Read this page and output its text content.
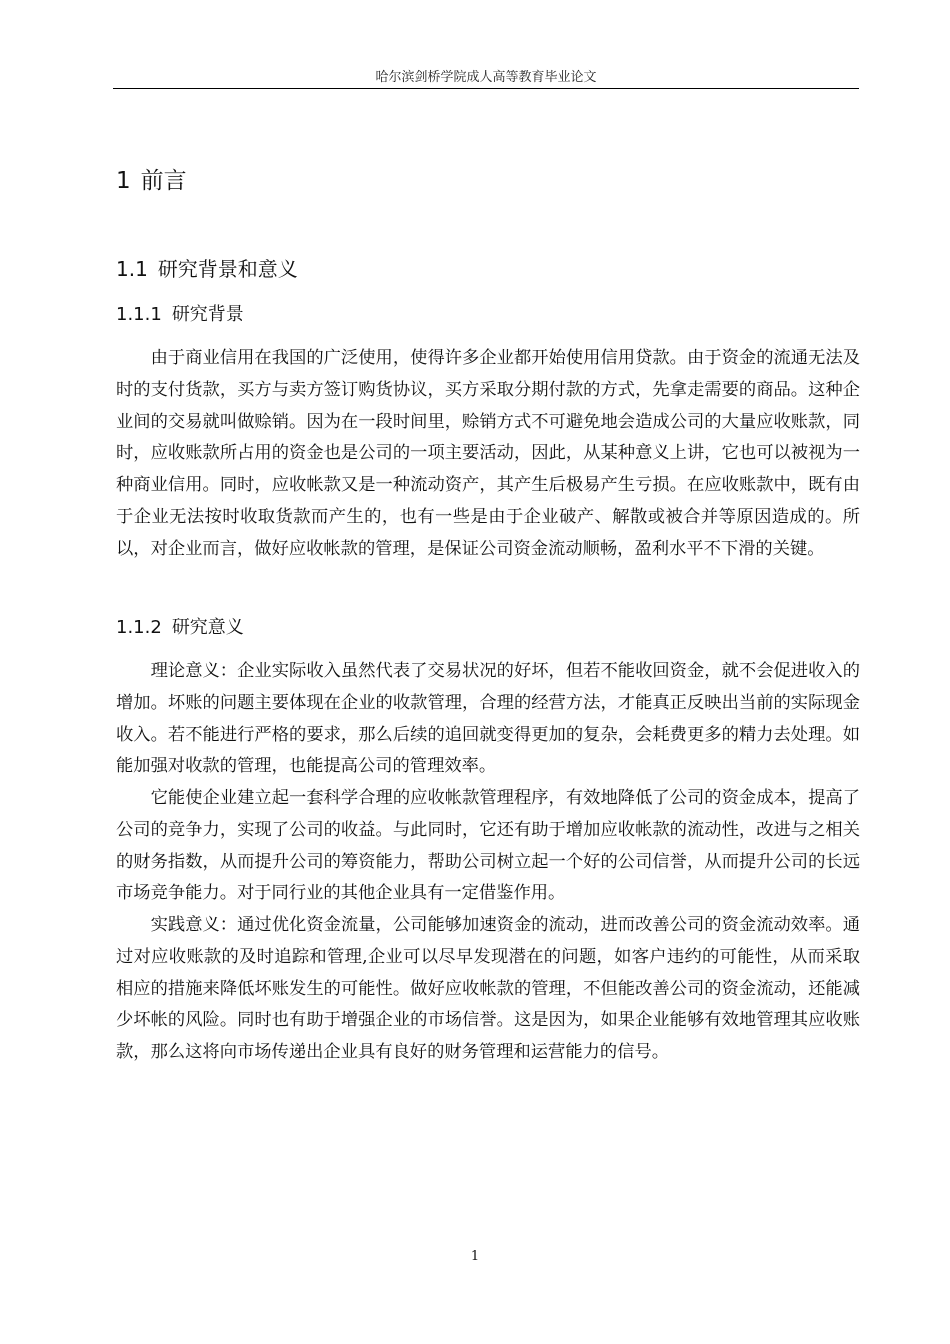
哈尔滨剑桥学院成人高等教育毕业论文
1 前言
1.1 研究背景和意义
1.1.1 研究背景

由于商业信用在我国的广泛使用，使得许多企业都开始使用信用贷款。由于资金的流通无法及时的支付货款，买方与卖方签订购货协议，买方采取分期付款的方式，先拿走需要的商品。这种企业间的交易就叫做赊销。因为在一段时间里，赊销方式不可避免地会造成公司的大量应收账款，同时，应收账款所占用的资金也是公司的一项主要活动，因此，从某种意义上讲，它也可以被视为一种商业信用。同时，应收帐款又是一种流动资产，其产生后极易产生亏损。在应收账款中，既有由于企业无法按时收取货款而产生的，也有一些是由于企业破产、解散或被合并等原因造成的。所以，对企业而言，做好应收帐款的管理，是保证公司资金流动顺畅，盈利水平不下滑的关键。

1.1.2 研究意义

理论意义：企业实际收入虽然代表了交易状况的好坏，但若不能收回资金，就不会促进收入的增加。坏账的问题主要体现在企业的收款管理，合理的经营方法，才能真正反映出当前的实际现金收入。若不能进行严格的要求，那么后续的追回就变得更加的复杂，会耗费更多的精力去处理。如能加强对收款的管理，也能提高公司的管理效率。

它能使企业建立起一套科学合理的应收帐款管理程序，有效地降低了公司的资金成本，提高了公司的竞争力，实现了公司的收益。与此同时，它还有助于增加应收帐款的流动性，改进与之相关的财务指数，从而提升公司的筹资能力，帮助公司树立起一个好的公司信誉，从而提升公司的长远市场竞争能力。对于同行业的其他企业具有一定借鉴作用。

实践意义：通过优化资金流量，公司能够加速资金的流动，进而改善公司的资金流动效率。通过对应收账款的及时追踪和管理,企业可以尽早发现潜在的问题，如客户违约的可能性，从而采取相应的措施来降低坏账发生的可能性。做好应收帐款的管理，不但能改善公司的资金流动，还能减少坏帐的风险。同时也有助于增强企业的市场信誉。这是因为，如果企业能够有效地管理其应收账款，那么这将向市场传递出企业具有良好的财务管理和运营能力的信号。

1
